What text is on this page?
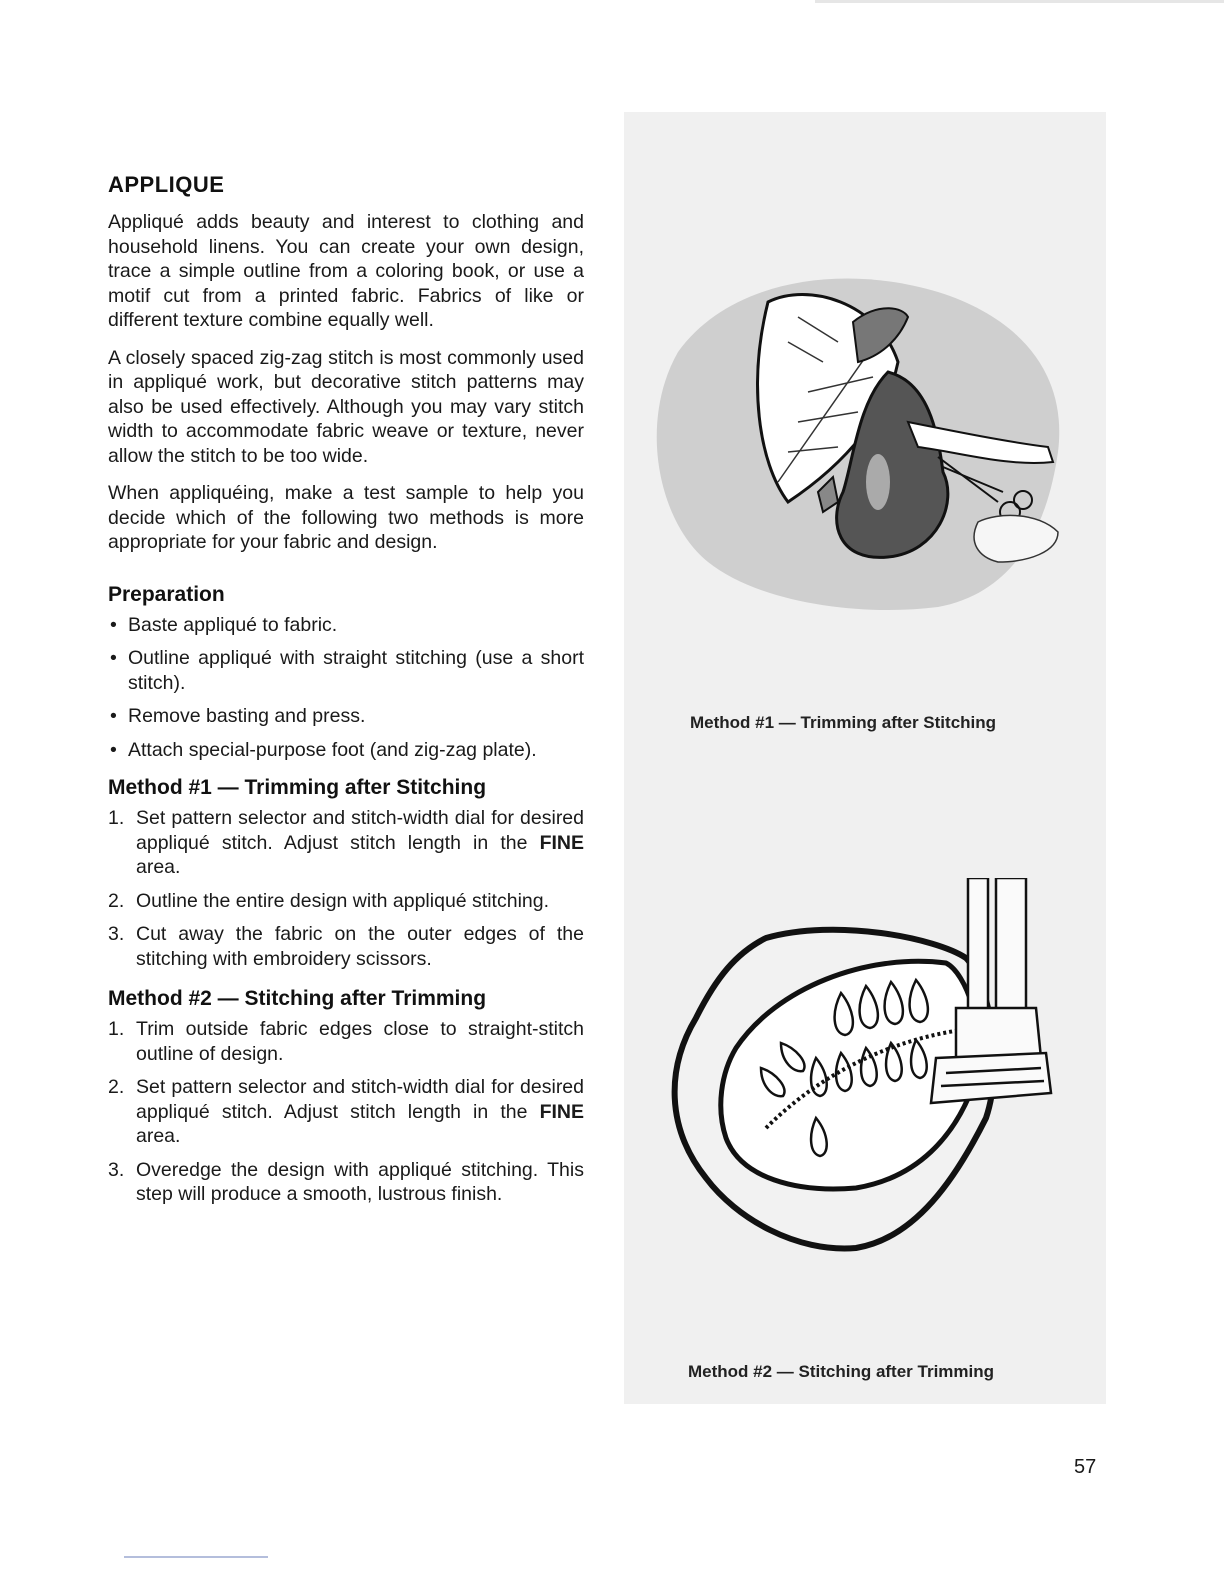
APPLIQUE

Appliqué adds beauty and interest to clothing and household linens. You can create your own design, trace a simple outline from a coloring book, or use a motif cut from a printed fabric. Fabrics of like or different texture combine equally well.

A closely spaced zig-zag stitch is most commonly used in appliqué work, but decorative stitch patterns may also be used effectively. Although you may vary stitch width to accommodate fabric weave or texture, never allow the stitch to be too wide.

When appliquéing, make a test sample to help you decide which of the following two methods is more appropriate for your fabric and design.

Preparation
• Baste appliqué to fabric.
• Outline appliqué with straight stitching (use a short stitch).
• Remove basting and press.
• Attach special-purpose foot (and zig-zag plate).
Method #1 — Trimming after Stitching
1. Set pattern selector and stitch-width dial for desired appliqué stitch. Adjust stitch length in the FINE area.
2. Outline the entire design with appliqué stitching.
3. Cut away the fabric on the outer edges of the stitching with embroidery scissors.
Method #2 — Stitching after Trimming
1. Trim outside fabric edges close to straight-stitch outline of design.
2. Set pattern selector and stitch-width dial for desired appliqué stitch. Adjust stitch length in the FINE area.
3. Overedge the design with appliqué stitching. This step will produce a smooth, lustrous finish.
Method #1 — Trimming after Stitching
Method #2 — Stitching after Trimming
57
